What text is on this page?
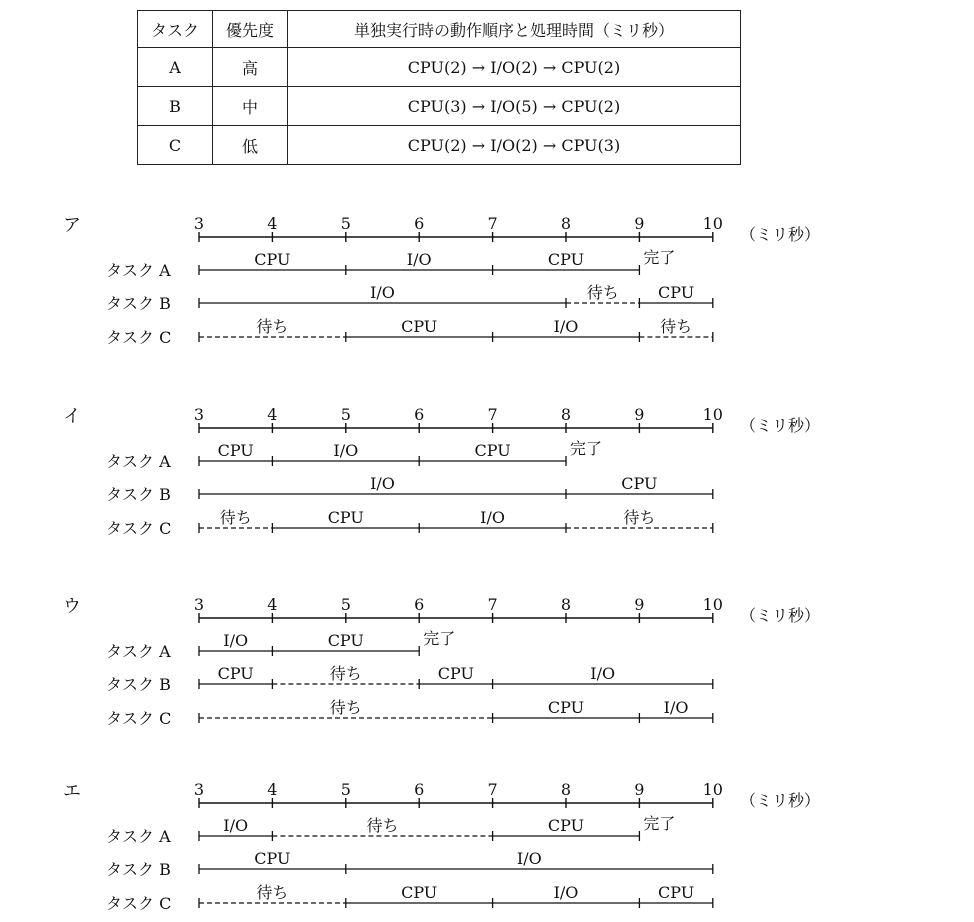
タスク	優先度	単独実行時の動作順序と処理時間（ミリ秒）
A	高	CPU(2) → I/O(2) → CPU(2)
B	中	CPU(3) → I/O(5) → CPU(2)
C	低	CPU(2) → I/O(2) → CPU(3)
ア	3	4	5	6	7	8	9	10
（ミリ秒）
タスク A
CPU	I/O	CPU	完了
タスク B
I/O	待ち CPU
タスク C
待ち	CPU	I/O	待ち
イ	3	4	5	6	7	8	9	10
（ミリ秒）
タスク A
CPU	I/O	CPU	完了
タスク B
I/O	CPU
タスク C
待ち	CPU	I/O	待ち
ウ	3	4	5	6	7	8	9	10
（ミリ秒）
タスク A
I/O	CPU	完了
タスク B
CPU	待ち	CPU	I/O
タスク C
待ち	CPU	I/O
エ	3	4	5	6	7	8	9	10
（ミリ秒）
タスク A
I/O	待ち	CPU	完了
タスク B
CPU	I/O
タスク C
待ち	CPU	I/O	CPU
